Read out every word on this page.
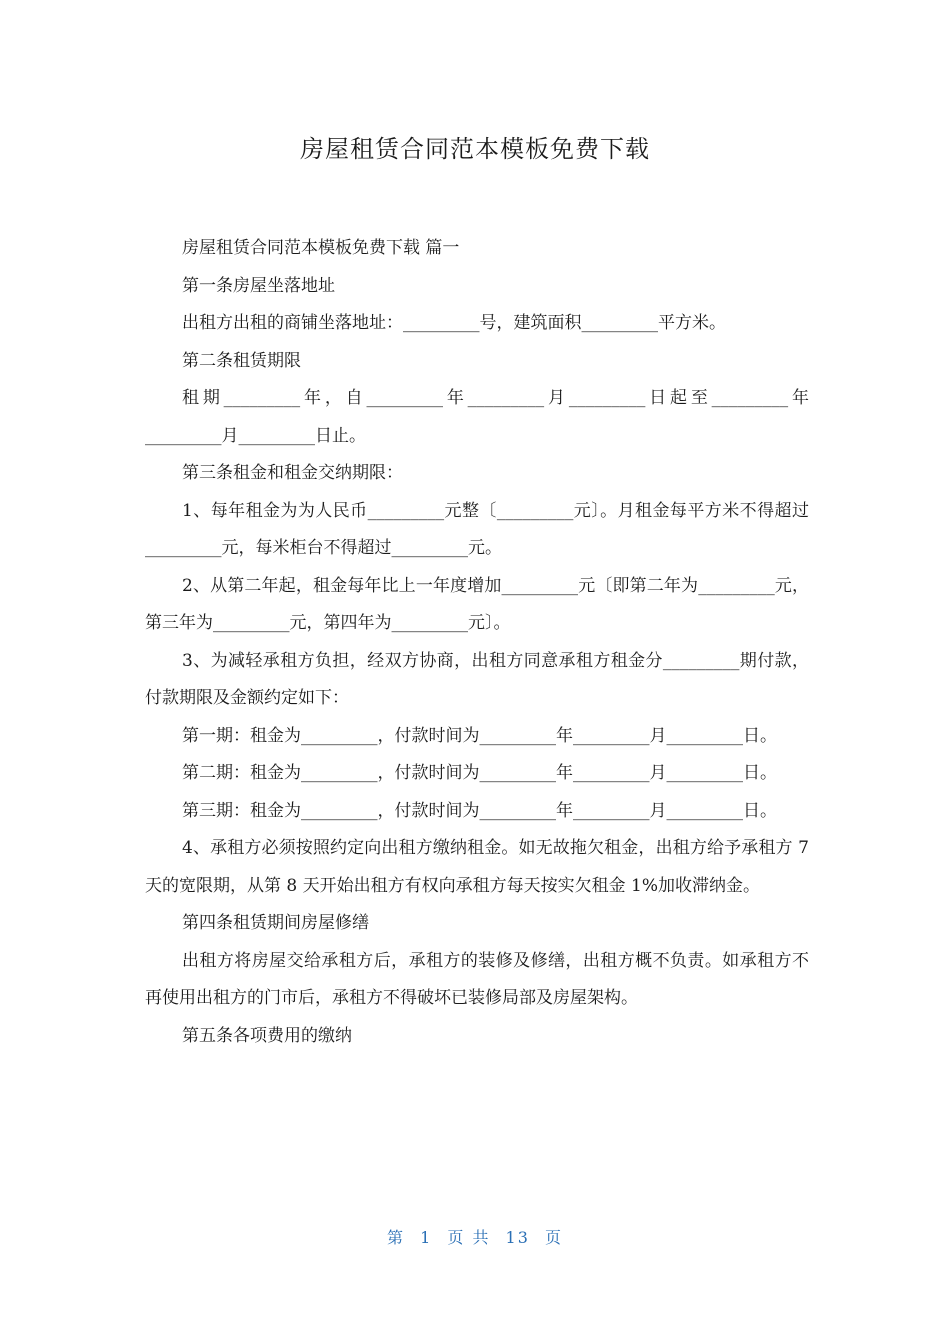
房屋租赁合同范本模板免费下载

房屋租赁合同范本模板免费下载 篇一

第一条房屋坐落地址

出租方出租的商铺坐落地址：_________号，建筑面积_________平方米。

第二条租赁期限

租期_________年，自_________年_________月_________日起至_________年_________月_________日止。

第三条租金和租金交纳期限：

1、每年租金为为人民币_________元整〔_________元〕。月租金每平方米不得超过_________元，每米柜台不得超过_________元。

2、从第二年起，租金每年比上一年度增加_________元〔即第二年为_________元，第三年为_________元，第四年为_________元〕。

3、为减轻承租方负担，经双方协商，出租方同意承租方租金分_________期付款，付款期限及金额约定如下：

第一期：租金为_________，付款时间为_________年_________月_________日。

第二期：租金为_________，付款时间为_________年_________月_________日。

第三期：租金为_________，付款时间为_________年_________月_________日。

4、承租方必须按照约定向出租方缴纳租金。如无故拖欠租金，出租方给予承租方 7 天的宽限期，从第 8 天开始出租方有权向承租方每天按实欠租金 1%加收滞纳金。

第四条租赁期间房屋修缮

出租方将房屋交给承租方后，承租方的装修及修缮，出租方概不负责。如承租方不再使用出租方的门市后，承租方不得破坏已装修局部及房屋架构。

第五条各项费用的缴纳

第 1 页 共 13 页
